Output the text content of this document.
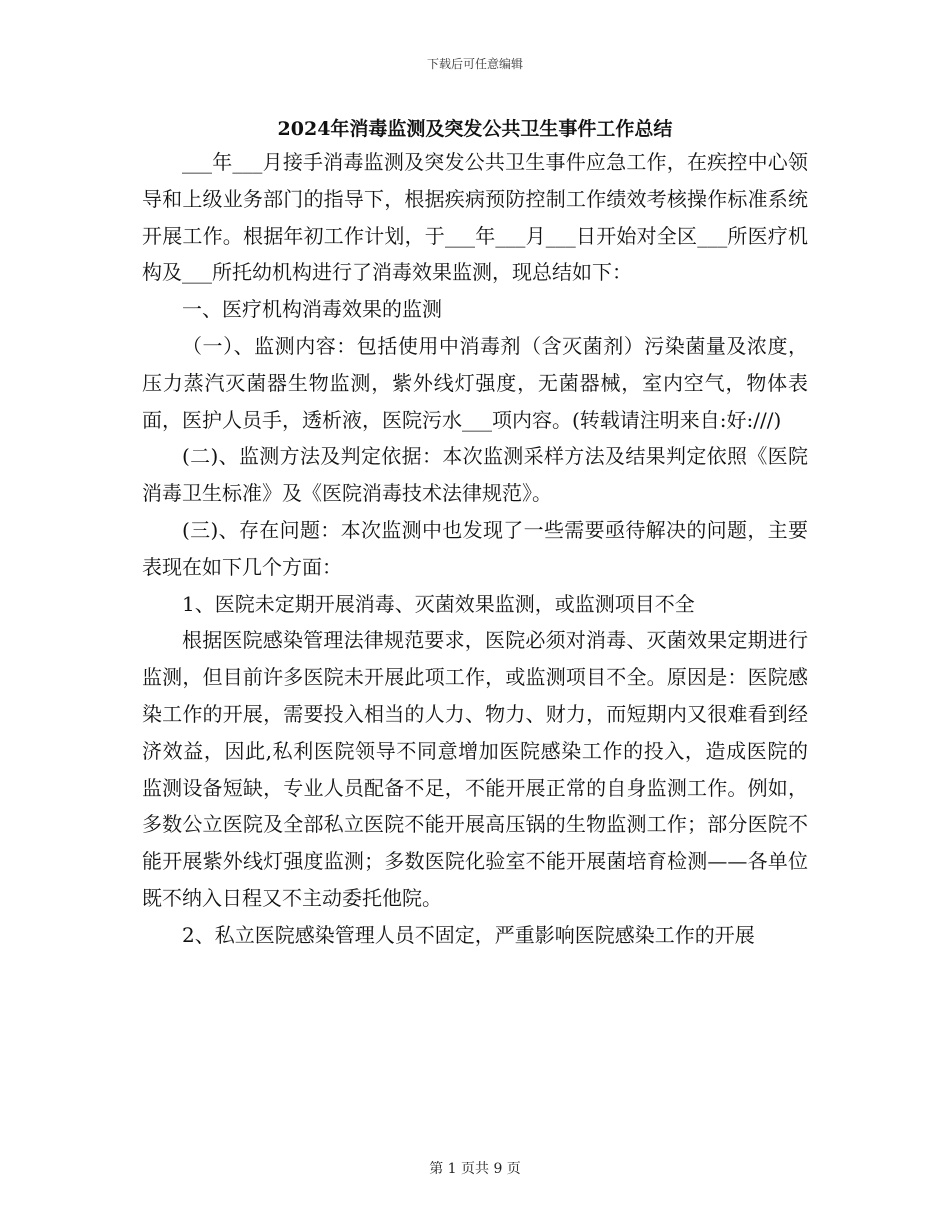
下载后可任意编辑
2024年消毒监测及突发公共卫生事件工作总结

___年___月接手消毒监测及突发公共卫生事件应急工作，在疾控中心领导和上级业务部门的指导下，根据疾病预防控制工作绩效考核操作标准系统开展工作。根据年初工作计划，于___年___月___日开始对全区___所医疗机构及___所托幼机构进行了消毒效果监测，现总结如下：

一、医疗机构消毒效果的监测

（一）、监测内容：包括使用中消毒剂（含灭菌剂）污染菌量及浓度，压力蒸汽灭菌器生物监测，紫外线灯强度，无菌器械，室内空气，物体表面，医护人员手，透析液，医院污水___项内容。(转载请注明来自:好:///)

(二)、监测方法及判定依据：本次监测采样方法及结果判定依照《医院消毒卫生标准》及《医院消毒技术法律规范》。

(三)、存在问题：本次监测中也发现了一些需要亟待解决的问题，主要表现在如下几个方面：

1、医院未定期开展消毒、灭菌效果监测，或监测项目不全

根据医院感染管理法律规范要求，医院必须对消毒、灭菌效果定期进行监测，但目前许多医院未开展此项工作，或监测项目不全。原因是：医院感染工作的开展，需要投入相当的人力、物力、财力，而短期内又很难看到经济效益，因此,私利医院领导不同意增加医院感染工作的投入，造成医院的监测设备短缺，专业人员配备不足，不能开展正常的自身监测工作。例如，多数公立医院及全部私立医院不能开展高压锅的生物监测工作；部分医院不能开展紫外线灯强度监测；多数医院化验室不能开展菌培育检测——各单位既不纳入日程又不主动委托他院。

2、私立医院感染管理人员不固定，严重影响医院感染工作的开展

第 1 页共 9 页
